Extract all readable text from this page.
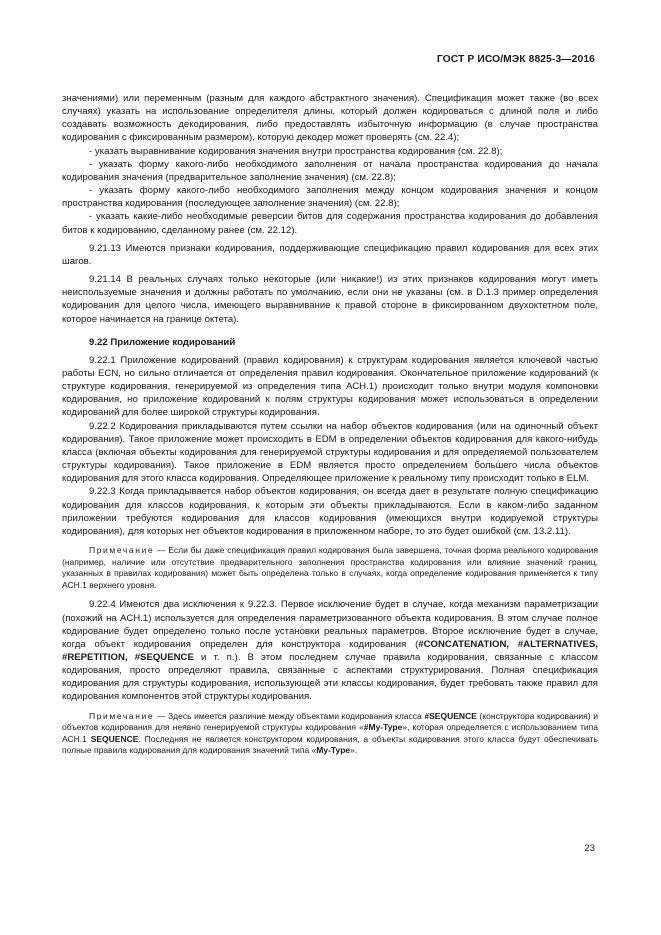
ГОСТ Р ИСО/МЭК 8825-3—2016

значениями) или переменным (разным для каждого абстрактного значения). Спецификация может также (во всех случаях) указать на использование определителя длины, который должен кодироваться с длиной поля и либо создавать возможность декодирования, либо предоставлять избыточную информацию (в случае пространства кодирования с фиксированным размером), которую декодер может проверять (см. 22.4);

- указать выравнивание кодирования значения внутри пространства кодирования (см. 22.8);

- указать форму какого-либо необходимого заполнения от начала пространства кодирования до начала кодирования значения (предварительное заполнение значения) (см. 22.8);

- указать форму какого-либо необходимого заполнения между концом кодирования значения и концом пространства кодирования (последующее заполнение значения) (см. 22.8);

- указать какие-либо необходимые реверсии битов для содержания пространства кодирования до добавления битов к кодированию, сделанному ранее (см. 22.12).

9.21.13 Имеются признаки кодирования, поддерживающие спецификацию правил кодирования для всех этих шагов.

9.21.14 В реальных случаях только некоторые (или никакие!) из этих признаков кодирования могут иметь неиспользуемые значения и должны работать по умолчанию, если они не указаны (см. в D.1.3 пример определения кодирования для целого числа, имеющего выравнивание к правой стороне в фиксированном двухоктетном поле, которое начинается на границе октета).

9.22 Приложение кодирований

9.22.1 Приложение кодирований (правил кодирования) к структурам кодирования является ключевой частью работы ECN, но сильно отличается от определения правил кодирования. Окончательное приложение кодирований (к структуре кодирования, генерируемой из определения типа АСН.1) происходит только внутри модуля компоновки кодирования, но приложение кодирований к полям структуры кодирования может использоваться в определении кодирований для более широкой структуры кодирования.

9.22.2 Кодирования прикладываются путем ссылки на набор объектов кодирования (или на одиночный объект кодирования). Такое приложение может происходить в EDM в определении объектов кодирования для какого-нибудь класса (включая объекты кодирования для генерируемой структуры кодирования и для определяемой пользователем структуры кодирования). Такое приложение в EDM является просто определением большего числа объектов кодирования для этого класса кодирования. Определяющее приложение к реальному типу происходит только в ELM.

9.22.3 Когда прикладывается набор объектов кодирования, он всегда дает в результате полную спецификацию кодирования для классов кодирования, к которым эти объекты прикладываются. Если в каком-либо заданном приложении требуются кодирования для классов кодирования (имеющихся внутри кодируемой структуры кодирования), для которых нет объектов кодирования в приложенном наборе, то это будет ошибкой (см. 13.2.11).

Примечание — Если бы даже спецификация правил кодирования была завершена, точная форма реального кодирования (например, наличие или отсутствие предварительного заполнения пространства кодирования или влияние значений границ, указанных в правилах кодирования) может быть определена только в случаях, когда определение кодирования применяется к типу АСН.1 верхнего уровня.

9.22.4 Имеются два исключения к 9.22.3. Первое исключение будет в случае, когда механизм параметризации (похожий на АСН.1) используется для определения параметризованного объекта кодирования. В этом случае полное кодирование будет определено только после установки реальных параметров. Второе исключение будет в случае, когда объект кодирования определен для конструктора кодирования (#CONCATENATION, #ALTERNATIVES, #REPETITION, #SEQUENCE и т. п.). В этом последнем случае правила кодирования, связанные с классом кодирования, просто определяют правила, связанные с аспектами структурирования. Полная спецификация кодирования для структуры кодирования, использующей эти классы кодирования, будет требовать также правил для кодирования компонентов этой структуры кодирования.

Примечание — Здесь имеется различие между объектами кодирования класса #SEQUENCE (конструктора кодирования) и объектов кодирования для неявно генерируемой структуры кодирования «#My-Type», которая определяется с использованием типа АСН.1 SEQUENCE. Последняя не является конструктором кодирования, а объекты кодирования этого класса будут обеспечивать полные правила кодирования для кодирования значений типа «My-Type».

23
